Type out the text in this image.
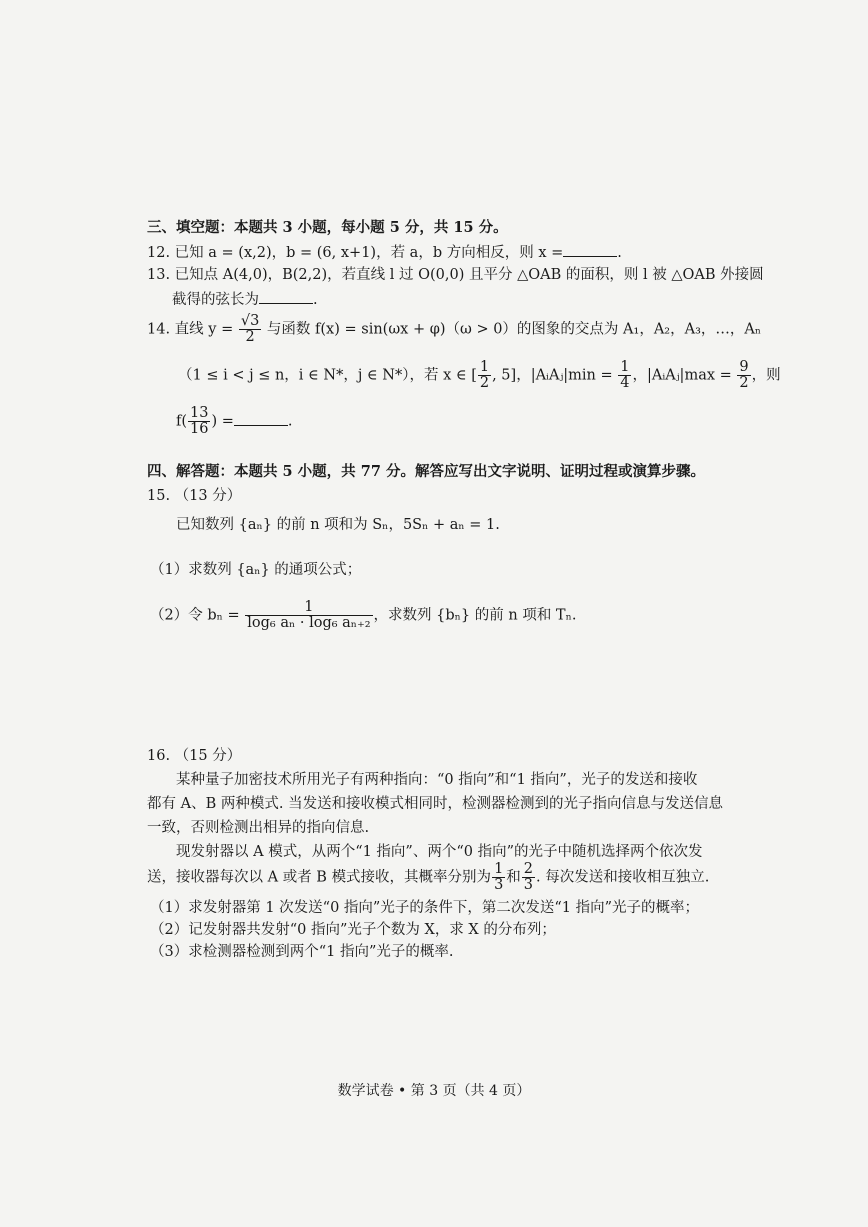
三、填空题：本题共 3 小题，每小题 5 分，共 15 分。
12. 已知 a = (x,2)，b = (6, x+1)，若 a，b 方向相反，则 x =	.
13. 已知点 A(4,0)，B(2,2)，若直线 l 过 O(0,0) 且平分 △OAB 的面积，则 l 被 △OAB 外接圆
截得的弦长为	.
14. 直线 $y = \frac{√3}{2}$ 与函数 f(x) = sin(ωx + φ)（ω > 0）的图象的交点为 A₁，A₂，A₃，…，Aₙ
（1 ≤ i < j ≤ n，i ∈ N*，j ∈ N*），若 x ∈ [ $\frac{1}{2}$ , 5]，|AᵢAⱼ|min = $\frac{1}{4}$ ，|AᵢAⱼ|max = $\frac{9}{2}$ ，则
$f( \frac{13}{16}$ ) =	.
四、解答题：本题共 5 小题，共 77 分。解答应写出文字说明、证明过程或演算步骤。
15. （13 分）
已知数列 {aₙ} 的前 n 项和为 Sₙ，5Sₙ + aₙ = 1.
（1）求数列 {aₙ} 的通项公式；
（2）令 $b_n = \frac{1}{\text{log₆ aₙ · log₆ aₙ₊₂}}$ ，求数列 {bₙ} 的前 n 项和 Tₙ.
16. （15 分）
某种量子加密技术所用光子有两种指向：“0 指向”和“1 指向”，光子的发送和接收
都有 A、B 两种模式. 当发送和接收模式相同时，检测器检测到的光子指向信息与发送信息
一致，否则检测出相异的指向信息.
现发射器以 A 模式，从两个“1 指向”、两个“0 指向”的光子中随机选择两个依次发
送，接收器每次以 A 或者 B 模式接收，其概率分别为 $\frac{1}{3}$ 和 $\frac{2}{3}$ . 每次发送和接收相互独立.
（1）求发射器第 1 次发送“0 指向”光子的条件下，第二次发送“1 指向”光子的概率；
（2）记发射器共发射“0 指向”光子个数为 X，求 X 的分布列；
（3）求检测器检测到两个“1 指向”光子的概率.
数学试卷 • 第 3 页（共 4 页）
